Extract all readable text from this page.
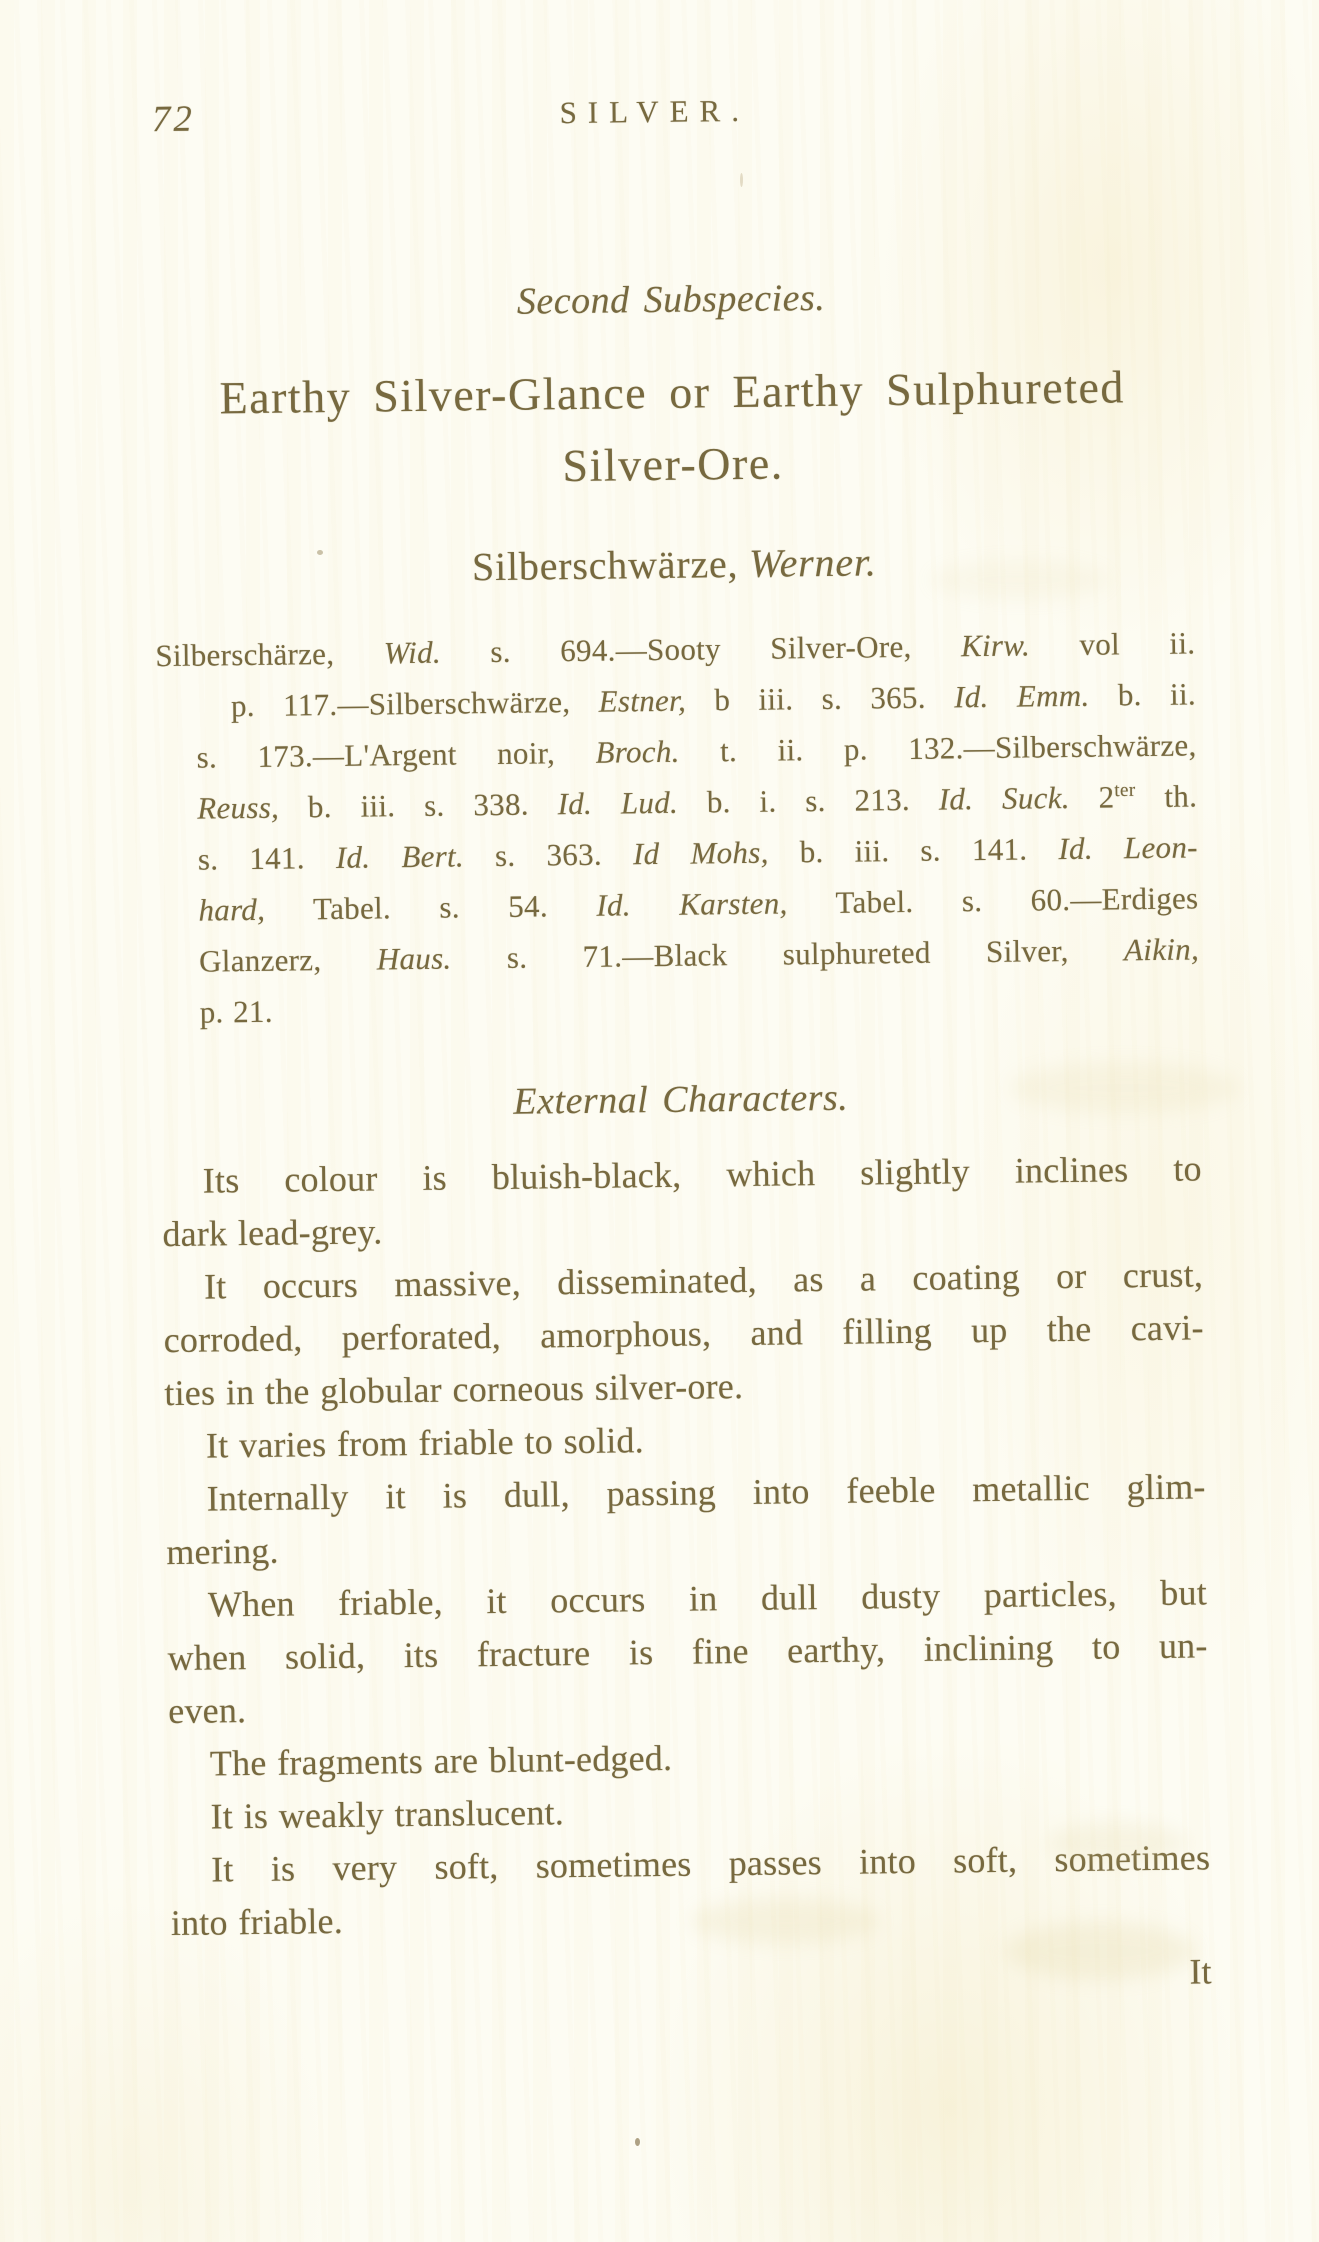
72	SILVER.
Second Subspecies.
Earthy Silver-Glance or Earthy Sulphureted
Silver-Ore.
Silberschwärze, Werner.
Silberschärze, Wid. s. 694.—Sooty Silver-Ore, Kirw. vol ii.
p. 117.—Silberschwärze, Estner, b iii. s. 365. Id. Emm. b. ii.
s. 173.—L'Argent noir, Broch. t. ii. p. 132.—Silberschwärze,
Reuss, b. iii. s. 338. Id. Lud. b. i. s. 213. Id. Suck. $2^{ter}$ th.
s. 141. Id. Bert. s. 363. Id Mohs, b. iii. s. 141. Id. Leon-
hard, Tabel. s. 54. Id. Karsten, Tabel. s. 60.—Erdiges
Glanzerz, Haus. s. 71.—Black sulphureted Silver, Aikin,
p. 21.
External Characters.
Its colour is bluish-black, which slightly inclines to
dark lead-grey.
It occurs massive, disseminated, as a coating or crust,
corroded, perforated, amorphous, and filling up the cavi-
ties in the globular corneous silver-ore.
It varies from friable to solid.
Internally it is dull, passing into feeble metallic glim-
mering.
When friable, it occurs in dull dusty particles, but
when solid, its fracture is fine earthy, inclining to un-
even.
The fragments are blunt-edged.
It is weakly translucent.
It is very soft, sometimes passes into soft, sometimes
into friable.
It
